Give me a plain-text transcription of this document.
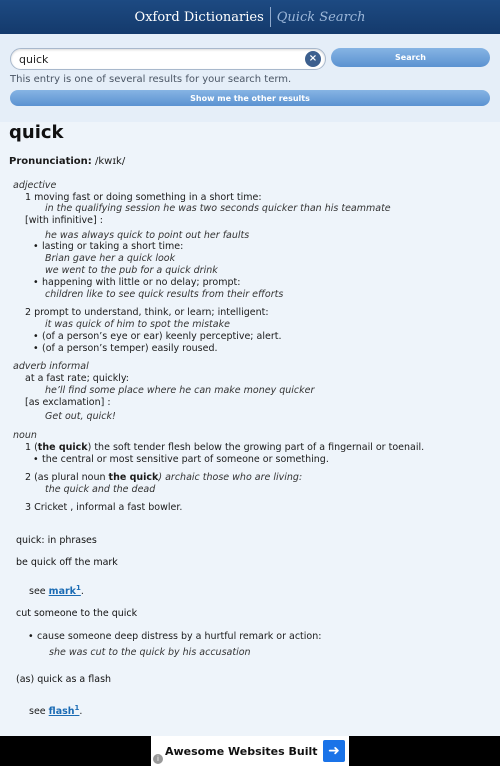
Oxford Dictionaries Quick Search
quick
×	Search
This entry is one of several results for your search term.
Show me the other results
quick
Pronunciation: /kwɪk/
adjective
1 moving fast or doing something in a short time:
in the qualifying session he was two seconds quicker than his teammate
[with infinitive] :
he was always quick to point out her faults
• lasting or taking a short time:
Brian gave her a quick look
we went to the pub for a quick drink
• happening with little or no delay; prompt:
children like to see quick results from their efforts
2 prompt to understand, think, or learn; intelligent:
it was quick of him to spot the mistake
• (of a person’s eye or ear) keenly perceptive; alert.
• (of a person’s temper) easily roused.
adverb informal
at a fast rate; quickly:
he’ll find some place where he can make money quicker
[as exclamation] :
Get out, quick!
noun
1 (the quick) the soft tender flesh below the growing part of a fingernail or toenail.
• the central or most sensitive part of someone or something.
2 (as plural noun the quick) archaic those who are living:
the quick and the dead
3 Cricket , informal a fast bowler.
quick: in phrases
be quick off the mark
see mark$^1$.
cut someone to the quick
• cause someone deep distress by a hurtful remark or action:
she was cut to the quick by his accusation
(as) quick as a flash
see flash$^1$.
Awesome Websites Built ➜
i
